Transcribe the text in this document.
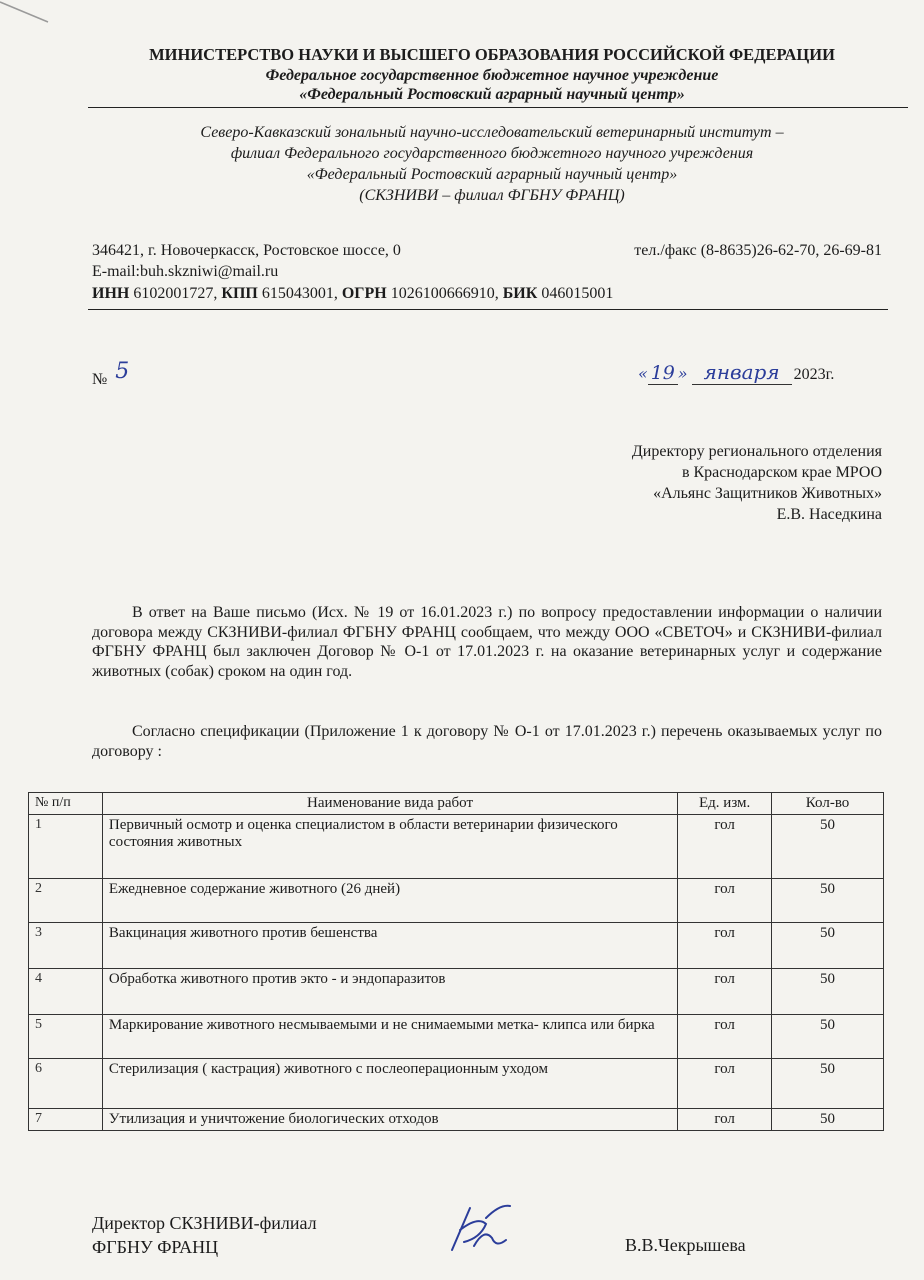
МИНИСТЕРСТВО НАУКИ И ВЫСШЕГО ОБРАЗОВАНИЯ РОССИЙСКОЙ ФЕДЕРАЦИИ
Федеральное государственное бюджетное научное учреждение
«Федеральный Ростовский аграрный научный центр»
Северо-Кавказский зональный научно-исследовательский ветеринарный институт –
филиал Федерального государственного бюджетного научного учреждения
«Федеральный Ростовский аграрный научный центр»
(СКЗНИВИ – филиал ФГБНУ ФРАНЦ)
346421, г. Новочеркасск, Ростовское шоссе, 0	тел./факс (8-8635)26-62-70, 26-69-81
E-mail:buh.skzniwi@mail.ru
ИНН 6102001727, КПП 615043001, ОГРН 1026100666910, БИК 046015001
№ 5	« 19 » января 2023г.
Директору регионального отделения
в Краснодарском крае МРОО
«Альянс Защитников Животных»
Е.В. Наседкина
В ответ на Ваше письмо (Исх. № 19 от 16.01.2023 г.) по вопросу предоставлении информации о наличии договора между СКЗНИВИ-филиал ФГБНУ ФРАНЦ сообщаем, что между ООО «СВЕТОЧ» и СКЗНИВИ-филиал ФГБНУ ФРАНЦ был заключен Договор № О-1 от 17.01.2023 г. на оказание ветеринарных услуг и содержание животных (собак) сроком на один год.
Согласно спецификации (Приложение 1 к договору № О-1 от 17.01.2023 г.) перечень оказываемых услуг по договору :
№ п/п	Наименование вида работ	Ед. изм.	Кол-во
1	Первичный осмотр и оценка специалистом в области ветеринарии физического состояния животных	гол	50
2	Ежедневное содержание животного (26 дней)	гол	50
3	Вакцинация животного против бешенства	гол	50
4	Обработка животного против экто - и эндопаразитов	гол	50
5	Маркирование животного несмываемыми и не снимаемыми метка- клипса или бирка	гол	50
6	Стерилизация ( кастрация) животного с послеоперационным уходом	гол	50
7	Утилизация и уничтожение биологических отходов	гол	50
Директор СКЗНИВИ-филиал
ФГБНУ ФРАНЦ	В.В.Чекрышева
